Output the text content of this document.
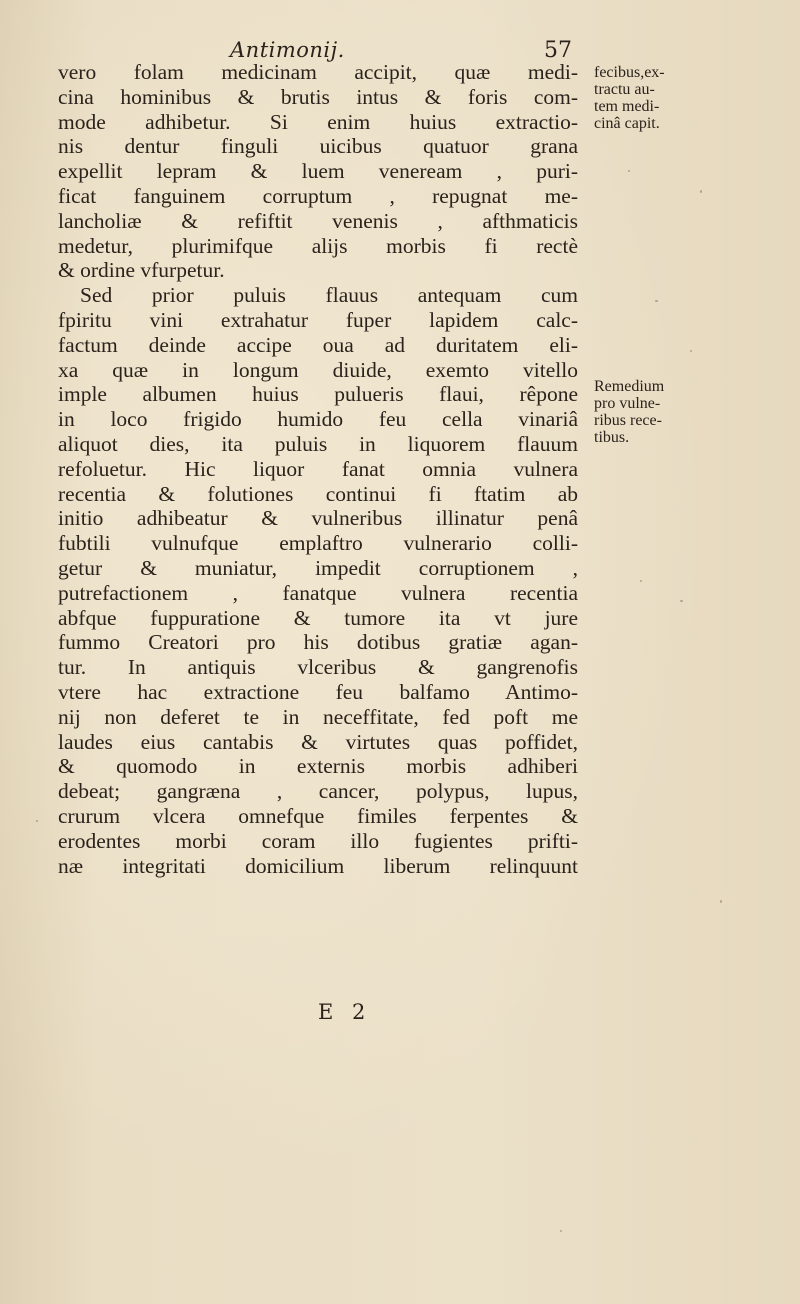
Antimonij.	57
vero folam medicinam accipit, quæ medi-
cina hominibus & brutis intus & foris com-
mode adhibetur. Si enim huius extractio-
nis dentur finguli uicibus quatuor grana
expellit lepram & luem veneream , puri-
ficat fanguinem corruptum , repugnat me-
lancholiæ & refiftit venenis , afthmaticis
medetur, plurimifque alijs morbis fi rectè
& ordine vfurpetur.
Sed prior puluis flauus antequam cum
fpiritu vini extrahatur fuper lapidem calc-
factum deinde accipe oua ad duritatem eli-
xa quæ in longum diuide, exemto vitello
imple albumen huius pulueris flaui, rêpone
in loco frigido humido feu cella vinariâ
aliquot dies, ita puluis in liquorem flauum
refoluetur. Hic liquor fanat omnia vulnera
recentia & folutiones continui fi ftatim ab
initio adhibeatur & vulneribus illinatur penâ
fubtili vulnufque emplaftro vulnerario colli-
getur & muniatur, impedit corruptionem ,
putrefactionem , fanatque vulnera recentia
abfque fuppuratione & tumore ita vt jure
fummo Creatori pro his dotibus gratiæ agan-
tur. In antiquis vlceribus & gangrenofis
vtere hac extractione feu balfamo Antimo-
nij non deferet te in neceffitate, fed poft me
laudes eius cantabis & virtutes quas poffidet,
& quomodo in externis morbis adhiberi
debeat; gangræna , cancer, polypus, lupus,
crurum vlcera omnefque fimiles ferpentes &
erodentes morbi coram illo fugientes prifti-
næ integritati domicilium liberum relinquunt
fecibus,ex-
tractu au-
tem medi-
cinâ capit.
Remedium
pro vulne-
ribus rece-
tibus.
E 2
